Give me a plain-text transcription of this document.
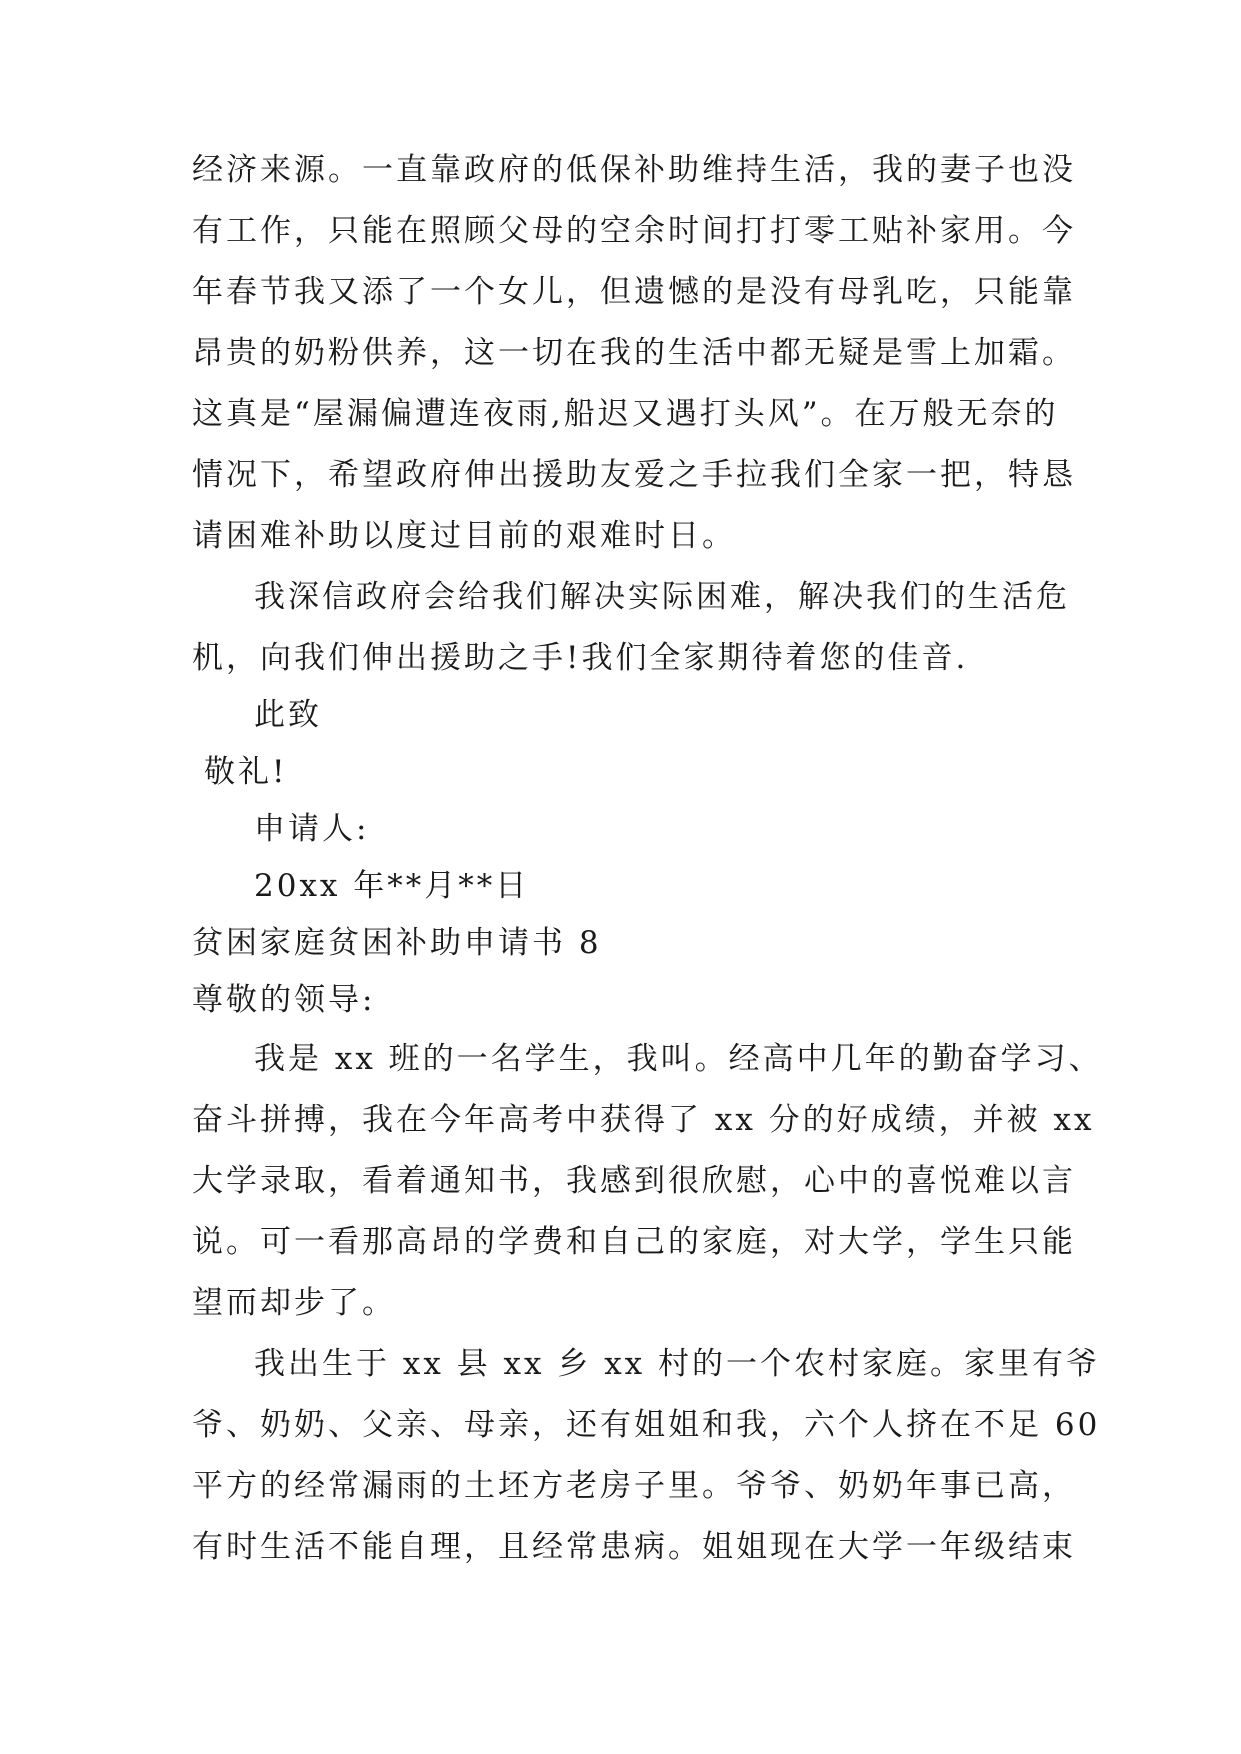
经济来源。一直靠政府的低保补助维持生活，我的妻子也没
有工作，只能在照顾父母的空余时间打打零工贴补家用。今
年春节我又添了一个女儿，但遗憾的是没有母乳吃，只能靠
昂贵的奶粉供养，这一切在我的生活中都无疑是雪上加霜。
这真是“屋漏偏遭连夜雨,船迟又遇打头风”。在万般无奈的
情况下，希望政府伸出援助友爱之手拉我们全家一把，特恳
请困难补助以度过目前的艰难时日。
我深信政府会给我们解决实际困难，解决我们的生活危
机，向我们伸出援助之手!我们全家期待着您的佳音.
此致
敬礼!
申请人:
20xx 年**月**日
贫困家庭贫困补助申请书 8
尊敬的领导:
我是 xx 班的一名学生，我叫。经高中几年的勤奋学习、
奋斗拼搏，我在今年高考中获得了 xx 分的好成绩，并被 xx
大学录取，看着通知书，我感到很欣慰，心中的喜悦难以言
说。可一看那高昂的学费和自己的家庭，对大学，学生只能
望而却步了。
我出生于 xx 县 xx 乡 xx 村的一个农村家庭。家里有爷
爷、奶奶、父亲、母亲，还有姐姐和我，六个人挤在不足 60
平方的经常漏雨的土坯方老房子里。爷爷、奶奶年事已高，
有时生活不能自理，且经常患病。姐姐现在大学一年级结束
